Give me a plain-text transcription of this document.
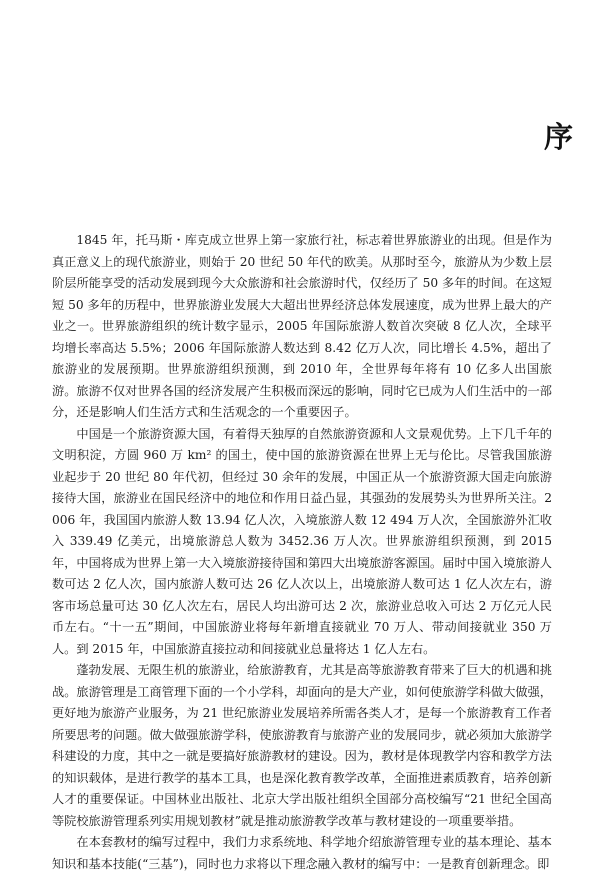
序

1845 年，托马斯・库克成立世界上第一家旅行社，标志着世界旅游业的出现。但是作为真正意义上的现代旅游业，则始于 20 世纪 50 年代的欧美。从那时至今，旅游从为少数上层阶层所能享受的活动发展到现今大众旅游和社会旅游时代，仅经历了 50 多年的时间。在这短短 50 多年的历程中，世界旅游业发展大大超出世界经济总体发展速度，成为世界上最大的产业之一。世界旅游组织的统计数字显示，2005 年国际旅游人数首次突破 8 亿人次，全球平均增长率高达 5.5%；2006 年国际旅游人数达到 8.42 亿万人次，同比增长 4.5%，超出了旅游业的发展预期。世界旅游组织预测，到 2010 年，全世界每年将有 10 亿多人出国旅游。旅游不仅对世界各国的经济发展产生积极而深远的影响，同时它已成为人们生活中的一部分，还是影响人们生活方式和生活观念的一个重要因子。

中国是一个旅游资源大国，有着得天独厚的自然旅游资源和人文景观优势。上下几千年的文明积淀，方圆 960 万 km² 的国土，使中国的旅游资源在世界上无与伦比。尽管我国旅游业起步于 20 世纪 80 年代初，但经过 30 余年的发展，中国正从一个旅游资源大国走向旅游接待大国，旅游业在国民经济中的地位和作用日益凸显，其强劲的发展势头为世界所关注。2006 年，我国国内旅游人数 13.94 亿人次，入境旅游人数 12 494 万人次，全国旅游外汇收入 339.49 亿美元，出境旅游总人数为 3452.36 万人次。世界旅游组织预测，到 2015 年，中国将成为世界上第一大入境旅游接待国和第四大出境旅游客源国。届时中国入境旅游人数可达 2 亿人次，国内旅游人数可达 26 亿人次以上，出境旅游人数可达 1 亿人次左右，游客市场总量可达 30 亿人次左右，居民人均出游可达 2 次，旅游业总收入可达 2 万亿元人民币左右。“十一五”期间，中国旅游业将每年新增直接就业 70 万人、带动间接就业 350 万人。到 2015 年，中国旅游直接拉动和间接就业总量将达 1 亿人左右。

蓬勃发展、无限生机的旅游业，给旅游教育，尤其是高等旅游教育带来了巨大的机遇和挑战。旅游管理是工商管理下面的一个小学科，却面向的是大产业，如何使旅游学科做大做强，更好地为旅游产业服务，为 21 世纪旅游业发展培养所需各类人才，是每一个旅游教育工作者所要思考的问题。做大做强旅游学科，使旅游教育与旅游产业的发展同步，就必须加大旅游学科建设的力度，其中之一就是要搞好旅游教材的建设。因为，教材是体现教学内容和教学方法的知识载体，是进行教学的基本工具，也是深化教育教学改革，全面推进素质教育，培养创新人才的重要保证。中国林业出版社、北京大学出版社组织全国部分高校编写“21 世纪全国高等院校旅游管理系列实用规划教材”就是推动旅游教学改革与教材建设的一项重要举措。

在本套教材的编写过程中，我们力求系统地、科学地介绍旅游管理专业的基本理论、基本知识和基本技能(“三基”)，同时也力求将以下理念融入教材的编写中：一是教育创新理念。即
